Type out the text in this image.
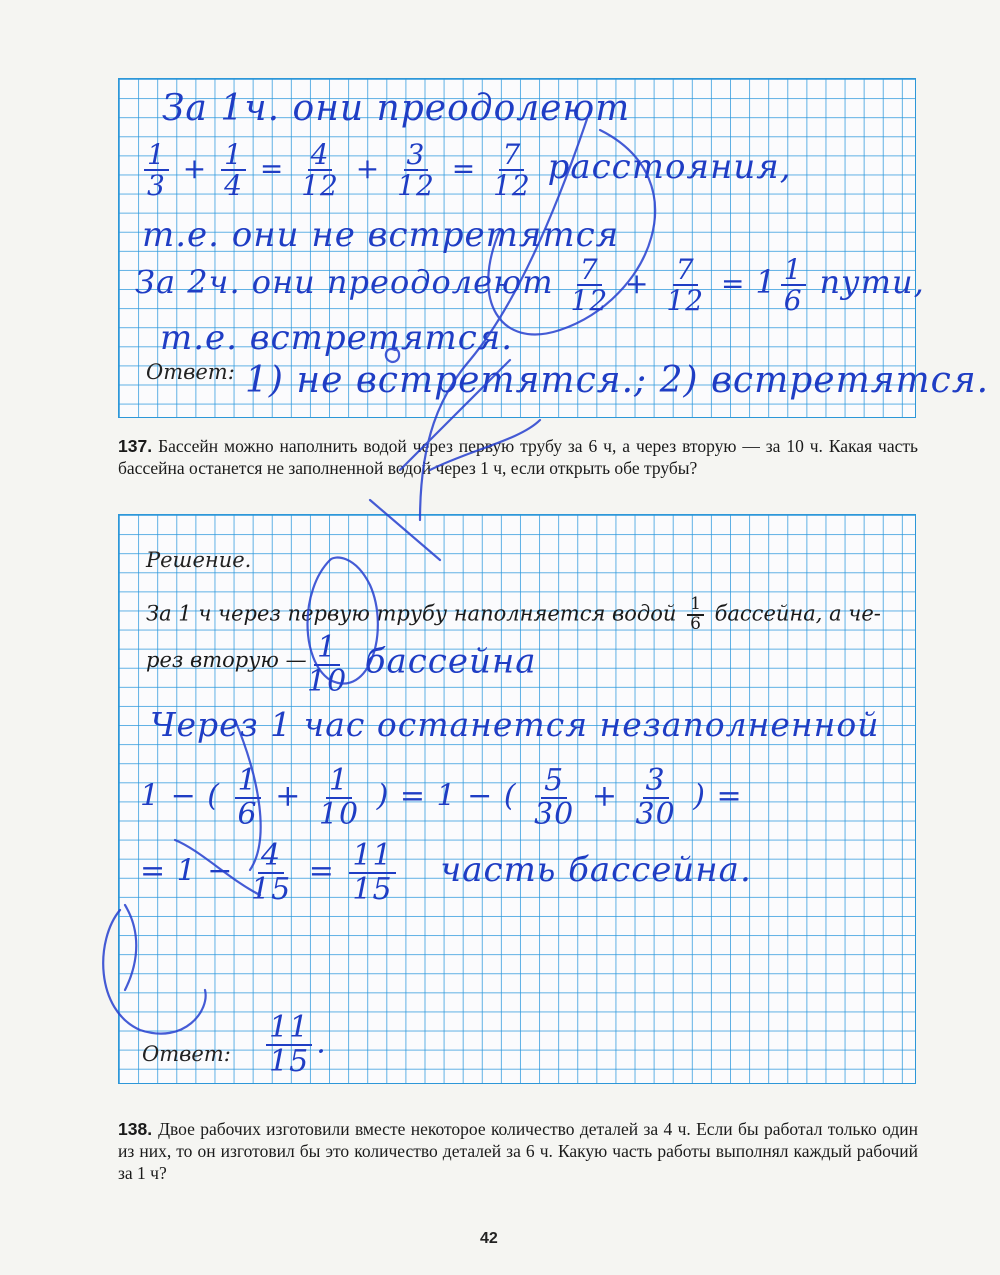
За 1ч. они преодолеют
$\frac{1}{3} + \frac{1}{4} = \frac{4}{12} + \frac{3}{12} = \frac{7}{12}$ расстояния,
т.е. они не встретятся
За 2ч. они преодолеют $\frac{7}{12} + \frac{7}{12} = 1 \frac{1}{6}$ пути,
т.е. встретятся.
Ответ: 1) не встретятся.; 2) встретятся.
137. Бассейн можно наполнить водой через первую трубу за 6 ч, а через вторую — за 10 ч. Какая часть бассейна останется не заполненной водой через 1 ч, если открыть обе трубы?
Решение.
За 1 ч через первую трубу наполняется водой $\frac{1}{6}$ бассейна, а че-
рез вторую —
$\frac{1}{10}$ бассейна
Через 1 час останется незаполненной
1 − ( $\frac{1}{6} + \frac{1}{10}$ ) = 1 − ( $\frac{5}{30} + \frac{3}{30}$ ) =
= $1 - \frac{4}{15} = \frac{11}{15}$ часть бассейна.
Ответ: $\frac{11}{15}$ .
138. Двое рабочих изготовили вместе некоторое количество деталей за 4 ч. Если бы работал только один из них, то он изготовил бы это количество деталей за 6 ч. Какую часть работы выполнял каждый рабочий за 1 ч?
42
